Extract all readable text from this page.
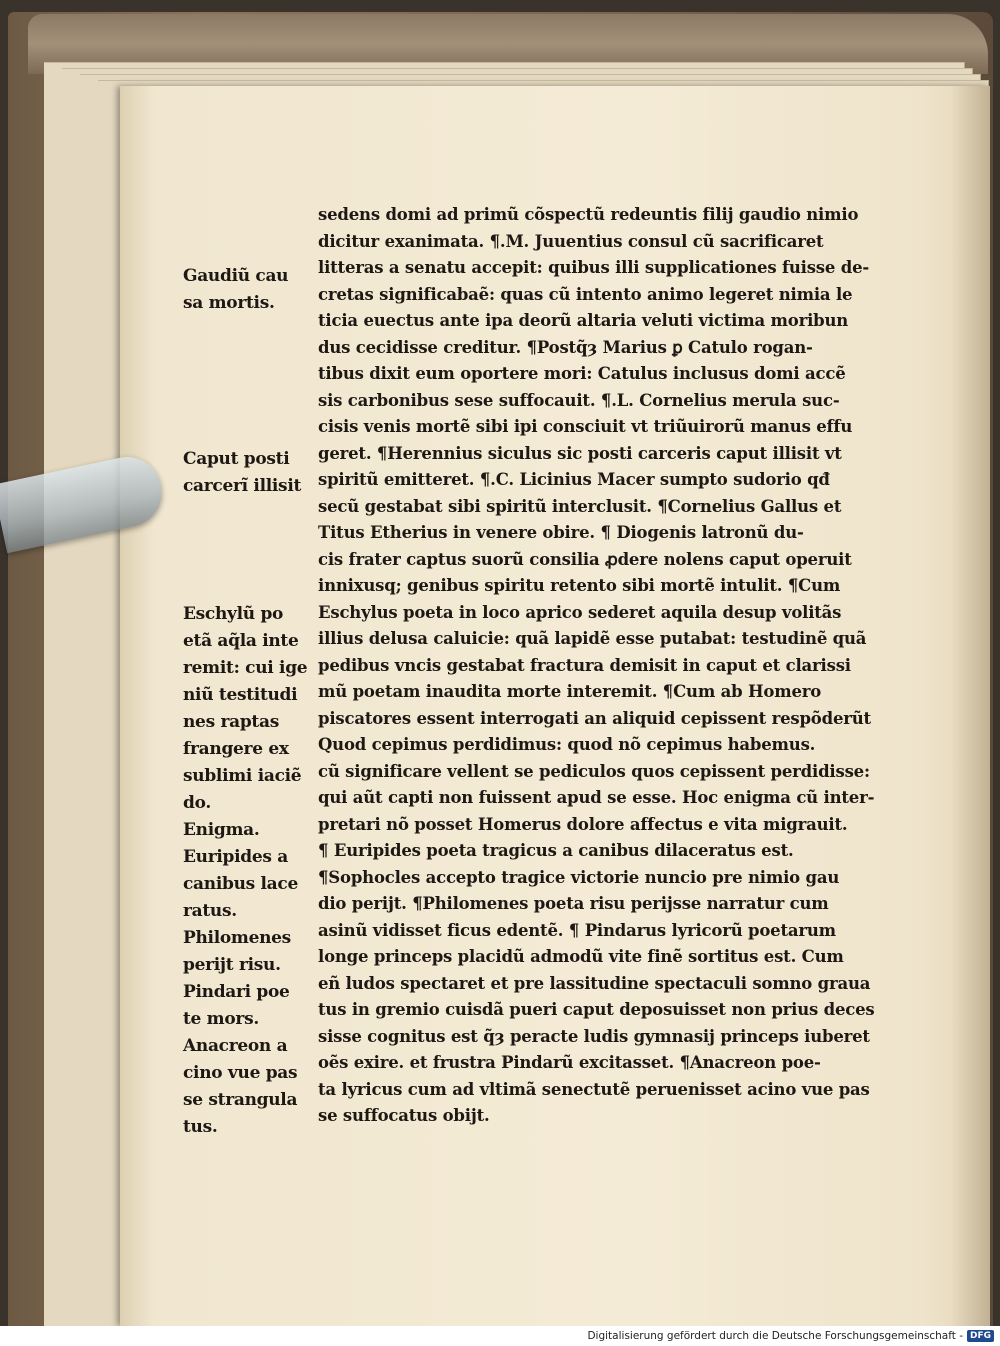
Gaudiũ cau
sa mortis.
Caput posti
carcerĩ illisit
Eschylũ po
etã aq̃la inte
remit: cui ige
niũ testitudi
nes raptas
frangere ex
sublimi iaciẽ
do.
Enigma.
Euripides a
canibus lace
ratus.
Philomenes
perijt risu.
Pindari poe
te mors.
Anacreon a
cino vue pas
se strangula
tus.
sedens domi ad primũ cõspectũ redeuntis filij gaudio nimio
dicitur exanimata. ¶.M. Juuentius consul cũ sacrificaret
litteras a senatu accepit: quibus illi supplicationes fuisse de-
cretas significabaẽ: quas cũ intento animo legeret nimia le
ticia euectus ante ipa deorũ altaria veluti victima moribun
dus cecidisse creditur. ¶Postq̃ȝ Marius ꝑ Catulo rogan-
tibus dixit eum oportere mori: Catulus inclusus domi accẽ
sis carbonibus sese suffocauit. ¶.L. Cornelius merula suc-
cisis venis mortẽ sibi ipi consciuit vt triũuirorũ manus effu
geret. ¶Herennius siculus sic posti carceris caput illisit vt
spiritũ emitteret. ¶.C. Licinius Macer sumpto sudorio qđ
secũ gestabat sibi spiritũ interclusit. ¶Cornelius Gallus et
Titus Etherius in venere obire. ¶ Diogenis latronũ du-
cis frater captus suorũ consilia ꝓdere nolens caput operuit
innixusq; genibus spiritu retento sibi mortẽ intulit. ¶Cum
Eschylus poeta in loco aprico sederet aquila desup volitãs
illius delusa caluicie: quã lapidẽ esse putabat: testudinẽ quã
pedibus vncis gestabat fractura demisit in caput et clarissi
mũ poetam inaudita morte interemit. ¶Cum ab Homero
piscatores essent interrogati an aliquid cepissent respõderũt
Quod cepimus perdidimus: quod nõ cepimus habemus.
cũ significare vellent se pediculos quos cepissent perdidisse:
qui aũt capti non fuissent apud se esse. Hoc enigma cũ inter-
pretari nõ posset Homerus dolore affectus e vita migrauit.
¶ Euripides poeta tragicus a canibus dilaceratus est.
¶Sophocles accepto tragice victorie nuncio pre nimio gau
dio perijt. ¶Philomenes poeta risu perijsse narratur cum
asinũ vidisset ficus edentẽ. ¶ Pindarus lyricorũ poetarum
longe princeps placidũ admodũ vite finẽ sortitus est. Cum
eñ ludos spectaret et pre lassitudine spectaculi somno graua
tus in gremio cuisdã pueri caput deposuisset non prius deces
sisse cognitus est q̃ȝ peracte ludis gymnasij princeps iuberet
oẽs exire. et frustra Pindarũ excitasset. ¶Anacreon poe-
ta lyricus cum ad vltimã senectutẽ peruenisset acino vue pas
se suffocatus obijt.
Digitalisierung gefördert durch die Deutsche Forschungsgemeinschaft - DFG
